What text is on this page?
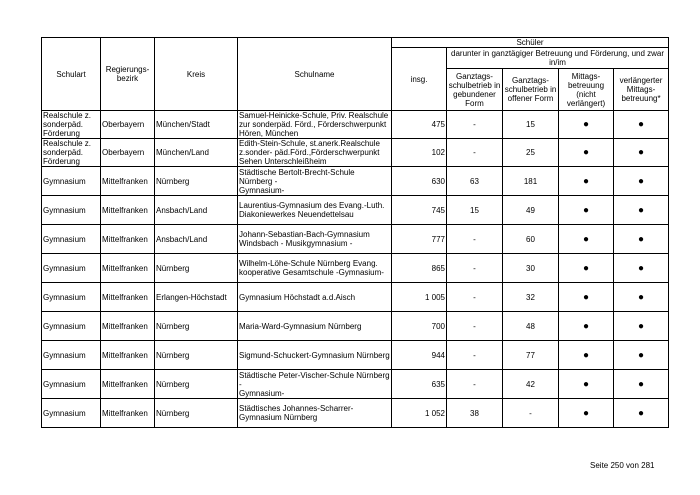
Schulart	Regierungs-
bezirk	Kreis	Schulname	Schüler				
				insg.	darunter in ganztägiger Betreuung und Förderung, und zwar in/im			
					Ganztags-
schulbetrieb in
gebundener
Form	Ganztags-
schulbetrieb in
offener Form	Mittags-
betreuung
(nicht
verlängert)	verlängerter
Mittags-
betreuung*
Realschule z.
sonderpäd.
Förderung	Oberbayern	München/Stadt	Samuel-Heinicke-Schule, Priv. Realschule
zur sonderpäd. Förd., Förderschwerpunkt
Hören, München	475	-	15	●	●
Realschule z.
sonderpäd.
Förderung	Oberbayern	München/Land	Edith-Stein-Schule, st.anerk.Realschule
z.sonder- päd.Förd.,Förderschwerpunkt
Sehen Unterschleißheim	102	-	25	●	●
Gymnasium	Mittelfranken	Nürnberg	Städtische Bertolt-Brecht-Schule Nürnberg -
Gymnasium-	630	63	181	●	●
Gymnasium	Mittelfranken	Ansbach/Land	Laurentius-Gymnasium des Evang.-Luth.
Diakoniewerkes Neuendettelsau	745	15	49	●	●
Gymnasium	Mittelfranken	Ansbach/Land	Johann-Sebastian-Bach-Gymnasium
Windsbach - Musikgymnasium -	777	-	60	●	●
Gymnasium	Mittelfranken	Nürnberg	Wilhelm-Löhe-Schule Nürnberg Evang.
kooperative Gesamtschule -Gymnasium-	865	-	30	●	●
Gymnasium	Mittelfranken	Erlangen-Höchstadt	Gymnasium Höchstadt a.d.Aisch	1 005	-	32	●	●
Gymnasium	Mittelfranken	Nürnberg	Maria-Ward-Gymnasium Nürnberg	700	-	48	●	●
Gymnasium	Mittelfranken	Nürnberg	Sigmund-Schuckert-Gymnasium Nürnberg	944	-	77	●	●
Gymnasium	Mittelfranken	Nürnberg	Städtische Peter-Vischer-Schule Nürnberg -
Gymnasium-	635	-	42	●	●
Gymnasium	Mittelfranken	Nürnberg	Städtisches Johannes-Scharrer-
Gymnasium Nürnberg	1 052	38	-	●	●
Seite 250 von 281
